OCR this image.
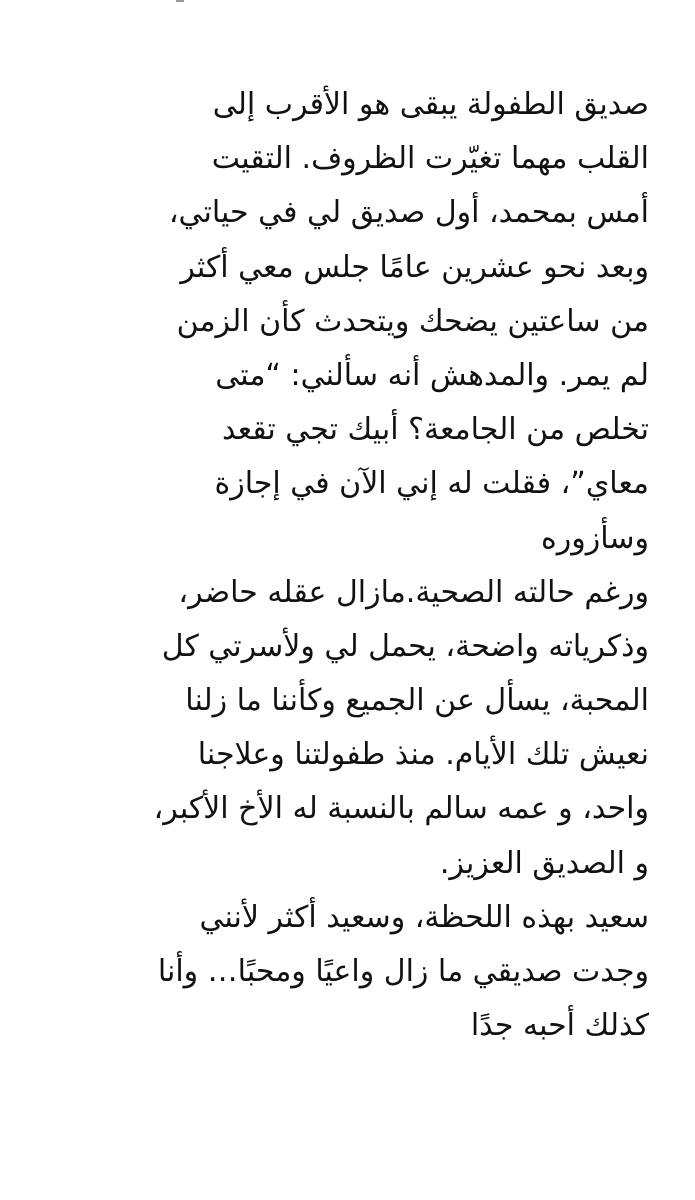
صديق الطفولة يبقى هو الأقرب إلى
القلب مهما تغيّرت الظروف. التقيت
أمس بمحمد، أول صديق لي في حياتي،
وبعد نحو عشرين عامًا جلس معي أكثر
من ساعتين يضحك ويتحدث كأن الزمن
لم يمر. والمدهش أنه سألني: “متى
تخلص من الجامعة؟ أبيك تجي تقعد
معاي”، فقلت له إني الآن في إجازة
وسأزوره
ورغم حالته الصحية.مازال عقله حاضر،
وذكرياته واضحة، يحمل لي ولأسرتي كل
المحبة، يسأل عن الجميع وكأننا ما زلنا
نعيش تلك الأيام. منذ طفولتنا وعلاجنا
واحد، و عمه سالم بالنسبة له الأخ الأكبر،
و الصديق العزيز.
سعيد بهذه اللحظة، وسعيد أكثر لأنني
وجدت صديقي ما زال واعيًا ومحبًا… وأنا
كذلك أحبه جدًا
